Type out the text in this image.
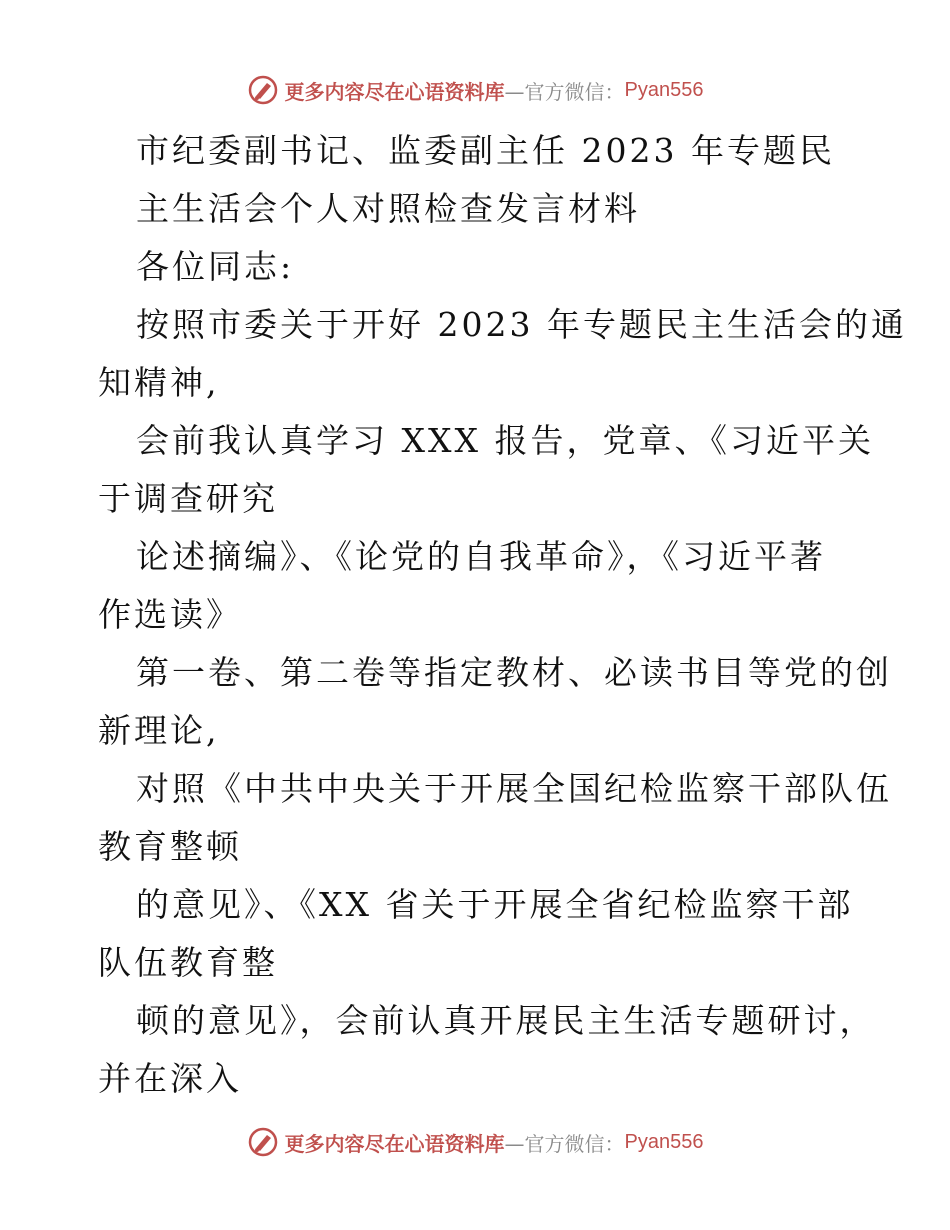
更多内容尽在心语资料库 —官方微信： Pyan556
市纪委副书记、监委副主任 2023 年专题民
主生活会个人对照检查发言材料
各位同志:
按照市委关于开好 2023 年专题民主生活会的通
知精神,
会前我认真学习 XXX 报告，党章、《习近平关
于调查研究
论述摘编》、《论党的自我革命》，《习近平著
作选读》
第一卷、第二卷等指定教材、必读书目等党的创
新理论,
对照《中共中央关于开展全国纪检监察干部队伍
教育整顿
的意见》、《XX 省关于开展全省纪检监察干部
队伍教育整
顿的意见》，会前认真开展民主生活专题研讨，
并在深入
更多内容尽在心语资料库 —官方微信： Pyan556
